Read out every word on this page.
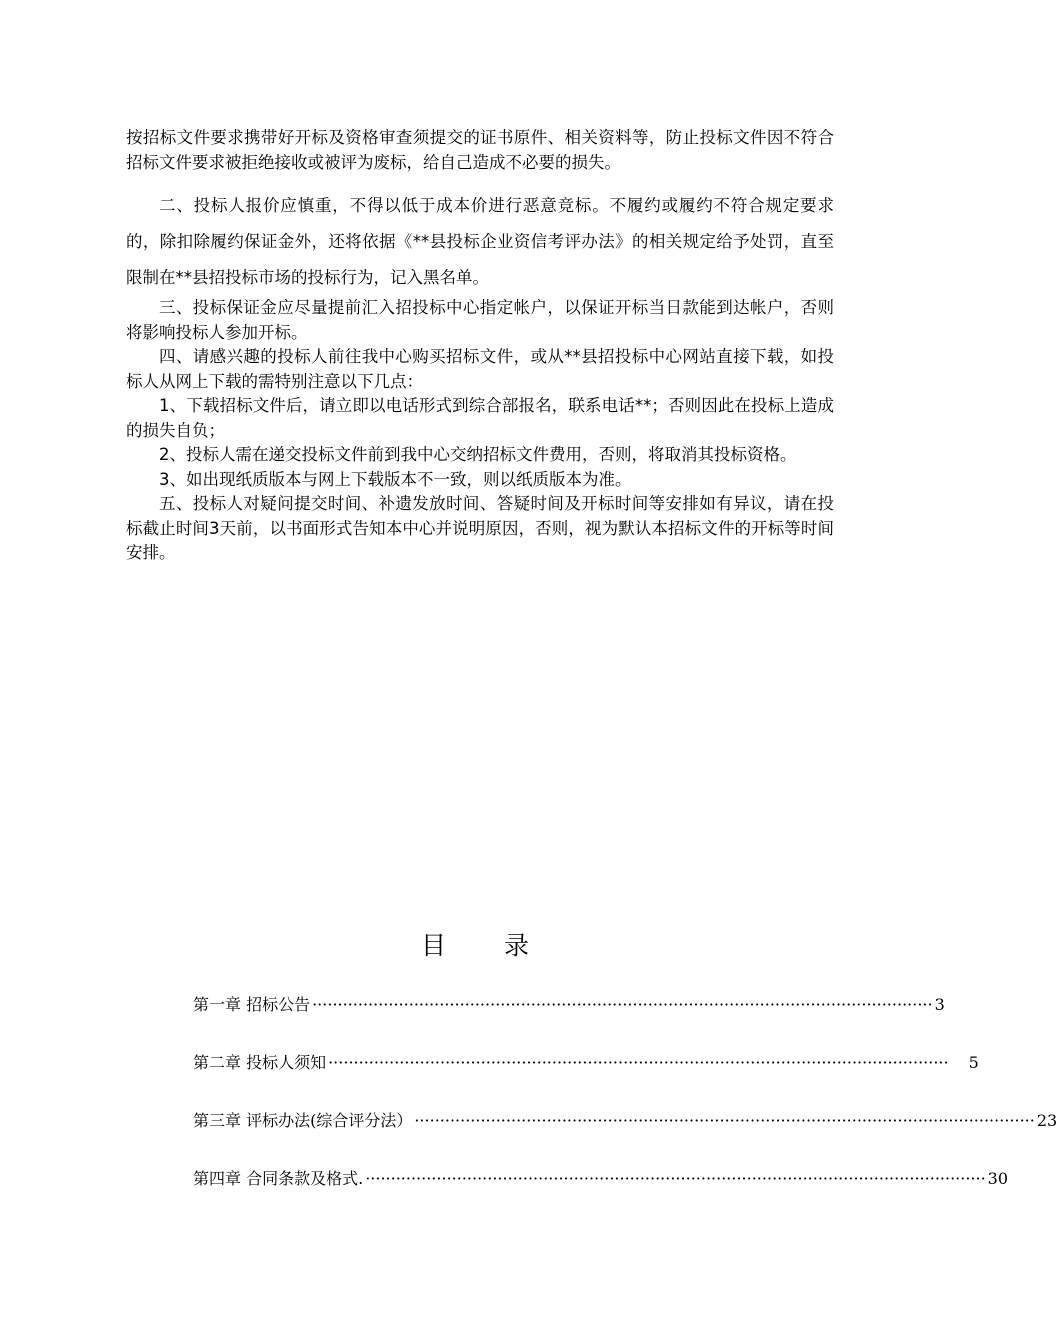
按招标文件要求携带好开标及资格审查须提交的证书原件、相关资料等，防止投标文件因不符合招标文件要求被拒绝接收或被评为废标，给自己造成不必要的损失。

二、投标人报价应慎重，不得以低于成本价进行恶意竞标。不履约或履约不符合规定要求的，除扣除履约保证金外，还将依据《**县投标企业资信考评办法》的相关规定给予处罚，直至限制在**县招投标市场的投标行为，记入黑名单。

三、投标保证金应尽量提前汇入招投标中心指定帐户，以保证开标当日款能到达帐户，否则将影响投标人参加开标。

四、请感兴趣的投标人前往我中心购买招标文件，或从**县招投标中心网站直接下载，如投标人从网上下载的需特别注意以下几点：

1、下载招标文件后，请立即以电话形式到综合部报名，联系电话**；否则因此在投标上造成的损失自负；

2、投标人需在递交投标文件前到我中心交纳招标文件费用，否则，将取消其投标资格。

3、如出现纸质版本与网上下载版本不一致，则以纸质版本为准。

五、投标人对疑问提交时间、补遗发放时间、答疑时间及开标时间等安排如有异议，请在投标截止时间3天前，以书面形式告知本中心并说明原因，否则，视为默认本招标文件的开标等时间安排。

目录
第一章 招标公告 ·························································································································· 3
第二章 投标人须知 ··························································································································	5
第三章 评标办法(综合评分法） ·························································································································· 23
第四章 合同条款及格式. ·························································································································· 30
